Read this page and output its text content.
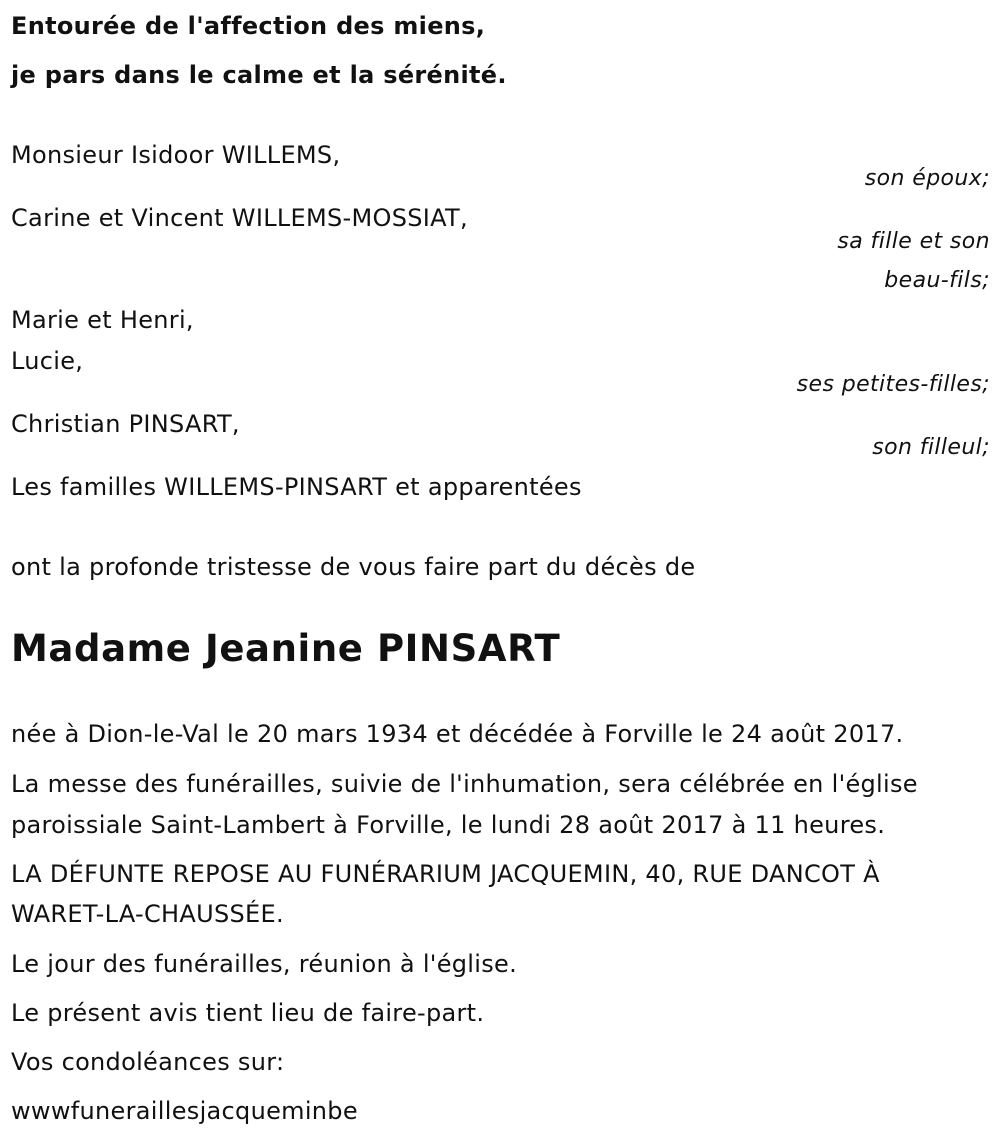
Entourée de l'affection des miens,
je pars dans le calme et la sérénité.
Monsieur Isidoor WILLEMS,
son époux;
Carine et Vincent WILLEMS-MOSSIAT,
sa fille et son
beau-fils;
Marie et Henri,
Lucie,
ses petites-filles;
Christian PINSART,
son filleul;
Les familles WILLEMS-PINSART et apparentées
ont la profonde tristesse de vous faire part du décès de
Madame Jeanine PINSART
née à Dion-le-Val le 20 mars 1934 et décédée à Forville le 24 août 2017.
La messe des funérailles, suivie de l'inhumation, sera célébrée en l'église
paroissiale Saint-Lambert à Forville, le lundi 28 août 2017 à 11 heures.
LA DÉFUNTE REPOSE AU FUNÉRARIUM JACQUEMIN, 40, RUE DANCOT À
WARET-LA-CHAUSSÉE.
Le jour des funérailles, réunion à l'église.
Le présent avis tient lieu de faire-part.
Vos condoléances sur:
wwwfuneraillesjacqueminbe
